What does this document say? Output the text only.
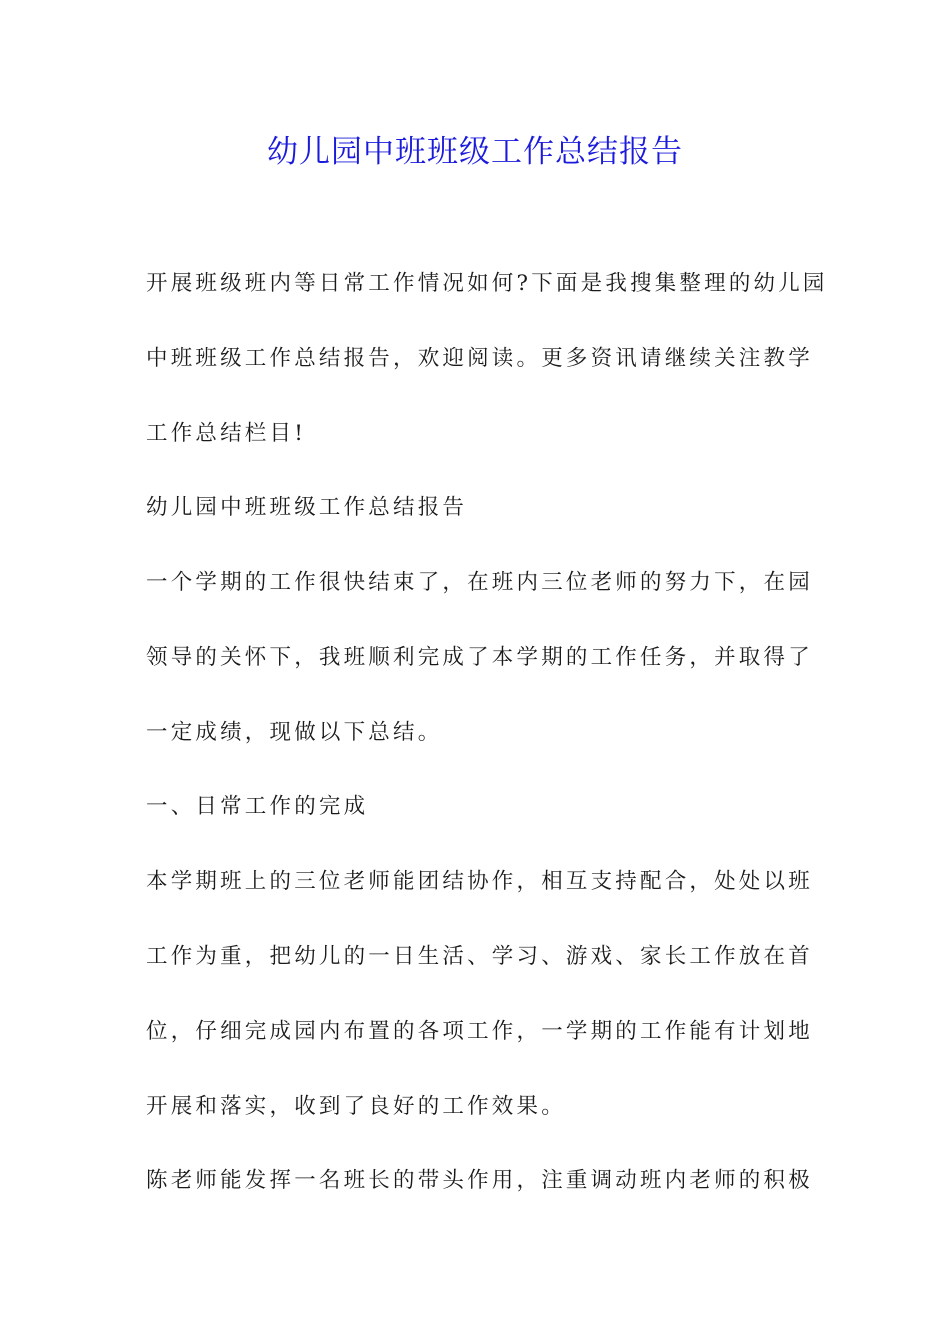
幼儿园中班班级工作总结报告
开展班级班内等日常工作情况如何?下面是我搜集整理的幼儿园
中班班级工作总结报告，欢迎阅读。更多资讯请继续关注教学
工作总结栏目!
幼儿园中班班级工作总结报告
一个学期的工作很快结束了，在班内三位老师的努力下，在园
领导的关怀下，我班顺利完成了本学期的工作任务，并取得了
一定成绩，现做以下总结。
一、日常工作的完成
本学期班上的三位老师能团结协作，相互支持配合，处处以班
工作为重，把幼儿的一日生活、学习、游戏、家长工作放在首
位，仔细完成园内布置的各项工作，一学期的工作能有计划地
开展和落实，收到了良好的工作效果。
陈老师能发挥一名班长的带头作用，注重调动班内老师的积极
